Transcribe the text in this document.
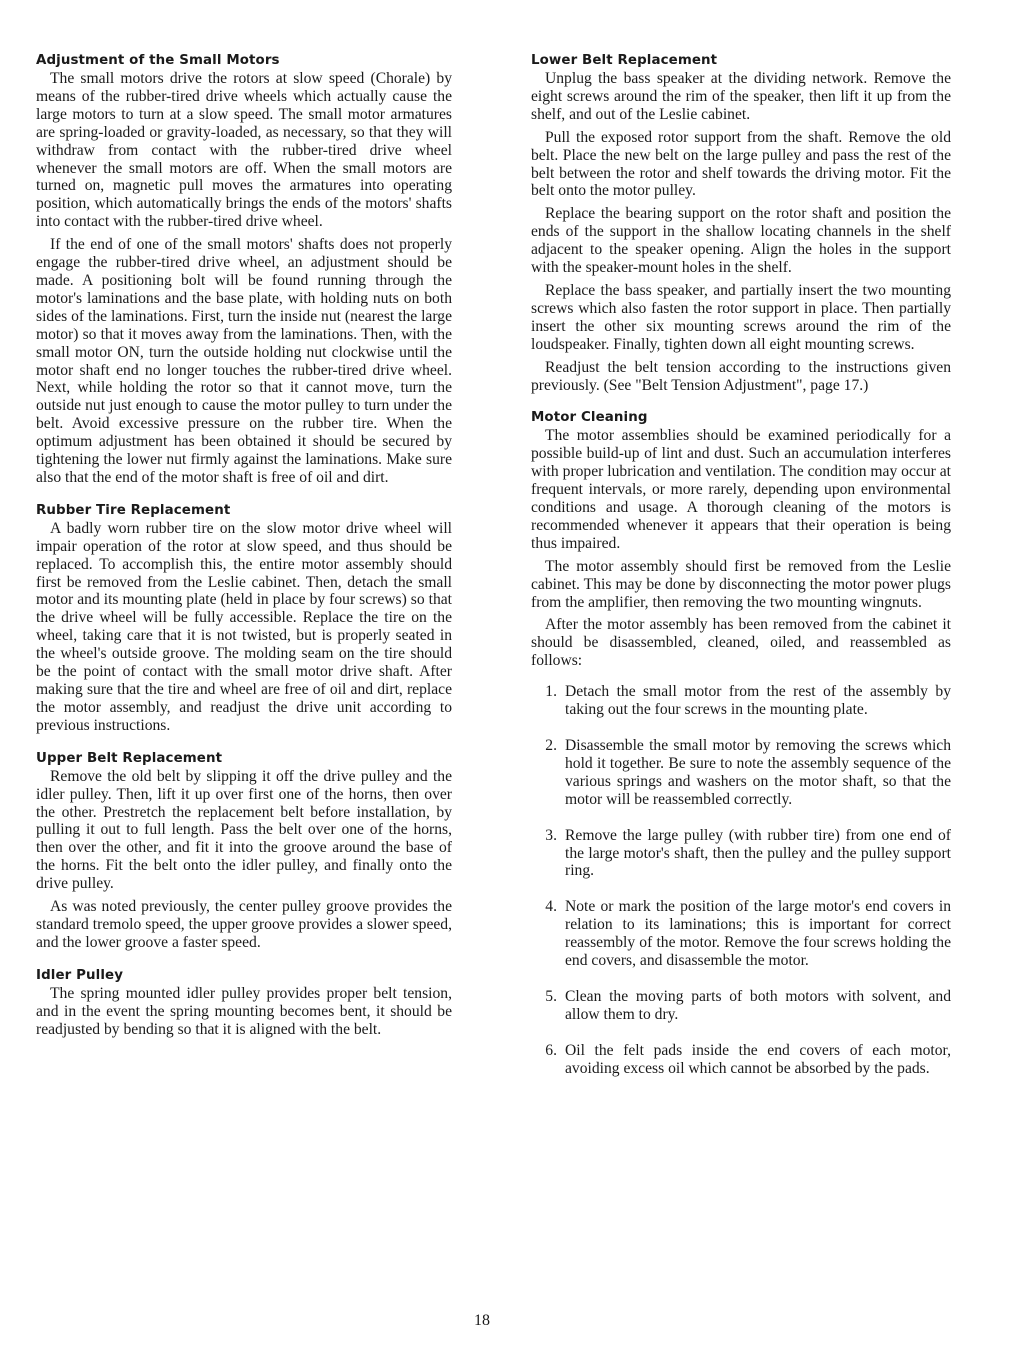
Adjustment of the Small Motors

The small motors drive the rotors at slow speed (Chorale) by means of the rubber-tired drive wheels which actually cause the large motors to turn at a slow speed. The small motor armatures are spring-loaded or gravity-loaded, as necessary, so that they will withdraw from contact with the rubber-tired drive wheel whenever the small motors are off. When the small motors are turned on, magnetic pull moves the armatures into operating position, which automatically brings the ends of the motors' shafts into contact with the rubber-tired drive wheel.

If the end of one of the small motors' shafts does not properly engage the rubber-tired drive wheel, an adjustment should be made. A positioning bolt will be found running through the motor's laminations and the base plate, with holding nuts on both sides of the laminations. First, turn the inside nut (nearest the large motor) so that it moves away from the laminations. Then, with the small motor ON, turn the outside holding nut clockwise until the motor shaft end no longer touches the rubber-tired drive wheel. Next, while holding the rotor so that it cannot move, turn the outside nut just enough to cause the motor pulley to turn under the belt. Avoid excessive pressure on the rubber tire. When the optimum adjustment has been obtained it should be secured by tightening the lower nut firmly against the laminations. Make sure also that the end of the motor shaft is free of oil and dirt.

Rubber Tire Replacement

A badly worn rubber tire on the slow motor drive wheel will impair operation of the rotor at slow speed, and thus should be replaced. To accomplish this, the entire motor assembly should first be removed from the Leslie cabinet. Then, detach the small motor and its mounting plate (held in place by four screws) so that the drive wheel will be fully accessible. Replace the tire on the wheel, taking care that it is not twisted, but is properly seated in the wheel's outside groove. The molding seam on the tire should be the point of contact with the small motor drive shaft. After making sure that the tire and wheel are free of oil and dirt, replace the motor assembly, and readjust the drive unit according to previous instructions.

Upper Belt Replacement

Remove the old belt by slipping it off the drive pulley and the idler pulley. Then, lift it up over first one of the horns, then over the other. Prestretch the replacement belt before installation, by pulling it out to full length. Pass the belt over one of the horns, then over the other, and fit it into the groove around the base of the horns. Fit the belt onto the idler pulley, and finally onto the drive pulley.

As was noted previously, the center pulley groove provides the standard tremolo speed, the upper groove provides a slower speed, and the lower groove a faster speed.

Idler Pulley

The spring mounted idler pulley provides proper belt tension, and in the event the spring mounting becomes bent, it should be readjusted by bending so that it is aligned with the belt.

Lower Belt Replacement

Unplug the bass speaker at the dividing network. Remove the eight screws around the rim of the speaker, then lift it up from the shelf, and out of the Leslie cabinet.

Pull the exposed rotor support from the shaft. Remove the old belt. Place the new belt on the large pulley and pass the rest of the belt between the rotor and shelf towards the driving motor. Fit the belt onto the motor pulley.

Replace the bearing support on the rotor shaft and position the ends of the support in the shallow locating channels in the shelf adjacent to the speaker opening. Align the holes in the support with the speaker-mount holes in the shelf.

Replace the bass speaker, and partially insert the two mounting screws which also fasten the rotor support in place. Then partially insert the other six mounting screws around the rim of the loudspeaker. Finally, tighten down all eight mounting screws.

Readjust the belt tension according to the instructions given previously. (See "Belt Tension Adjustment", page 17.)

Motor Cleaning

The motor assemblies should be examined periodically for a possible build-up of lint and dust. Such an accumulation interferes with proper lubrication and ventilation. The condition may occur at frequent intervals, or more rarely, depending upon environmental conditions and usage. A thorough cleaning of the motors is recommended whenever it appears that their operation is being thus impaired.

The motor assembly should first be removed from the Leslie cabinet. This may be done by disconnecting the motor power plugs from the amplifier, then removing the two mounting wingnuts.

After the motor assembly has been removed from the cabinet it should be disassembled, cleaned, oiled, and reassembled as follows:

1. Detach the small motor from the rest of the assembly by taking out the four screws in the mounting plate.
2. Disassemble the small motor by removing the screws which hold it together. Be sure to note the assembly sequence of the various springs and washers on the motor shaft, so that the motor will be reassembled correctly.
3. Remove the large pulley (with rubber tire) from one end of the large motor's shaft, then the pulley and the pulley support ring.
4. Note or mark the position of the large motor's end covers in relation to its laminations; this is important for correct reassembly of the motor. Remove the four screws holding the end covers, and disassemble the motor.
5. Clean the moving parts of both motors with solvent, and allow them to dry.
6. Oil the felt pads inside the end covers of each motor, avoiding excess oil which cannot be absorbed by the pads.
18
